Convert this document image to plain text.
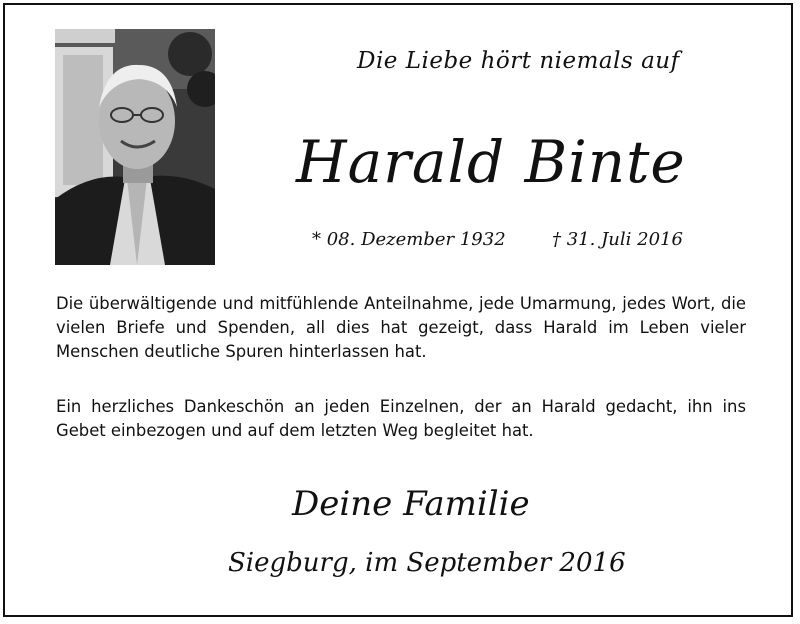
Die Liebe hört niemals auf
Harald Binte
* 08. Dezember 1932	† 31. Juli 2016

Die überwältigende und mitfühlende Anteilnahme, jede Umarmung, jedes Wort, die vielen Briefe und Spenden, all dies hat gezeigt, dass Harald im Leben vieler Menschen deutliche Spuren hinterlassen hat.

Ein herzliches Dankeschön an jeden Einzelnen, der an Harald gedacht, ihn ins Gebet einbezogen und auf dem letzten Weg begleitet hat.

Deine Familie
Siegburg, im September 2016
